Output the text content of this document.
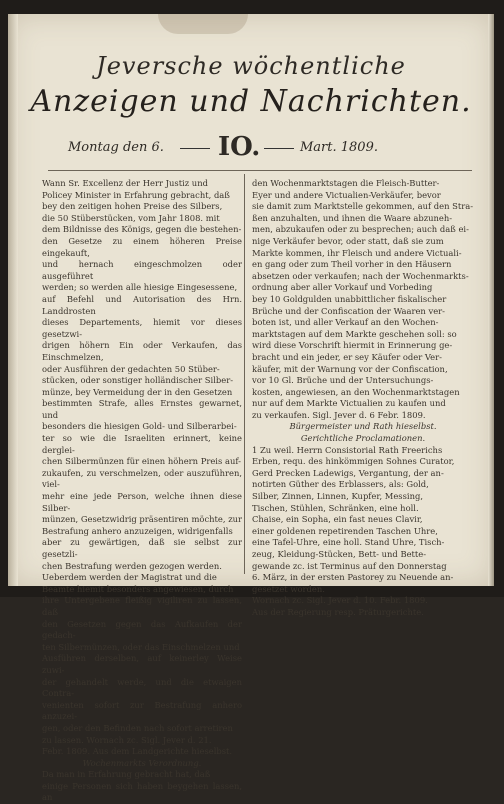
Jeversche wöchentliche
Anzeigen und Nachrichten.
Montag den 6. IO.	Mart. 1809.

Wann Sr. Excellenz der Herr Justiz und

Policey Minister in Erfahrung gebracht, daß

bey den zeitigen hohen Preise des Silbers,

die 50 Stüberstücken, vom Jahr 1808. mit

dem Bildnisse des Königs, gegen die bestehen-

den Gesetze zu einem höheren Preise eingekauft,

und hernach eingeschmolzen oder ausgeführet

werden; so werden alle hiesige Eingesessene,

auf Befehl und Autorisation des Hrn. Landdrosten

dieses Departements, hiemit vor dieses gesetzwi-

drigen höhern Ein oder Verkaufen, das Einschmelzen,

oder Ausführen der gedachten 50 Stüber-

stücken, oder sonstiger holländischer Silber-

münze, bey Vermeidung der in den Gesetzen

bestimmten Strafe, alles Ernstes gewarnet, und

besonders die hiesigen Gold- und Silberarbei-

ter so wie die Israeliten erinnert, keine derglei-

chen Silbermünzen für einen höhern Preis auf-

zukaufen, zu verschmelzen, oder auszuführen, viel-

mehr eine jede Person, welche ihnen diese Silber-

münzen, Gesetzwidrig präsentiren möchte, zur

Bestrafung anhero anzuzeigen, widrigenfalls

aber zu gewärtigen, daß sie selbst zur gesetzli-

chen Bestrafung werden gezogen werden.

Ueberdem werden der Magistrat und die

Beamte hiemit besonders angewiesen, durch

ihre Untergebene fleißig vigiliren zu lassen, daß

den Gesetzen gegen das Aufkaufen der gedach-

ten Silbermünzen, oder das Einschmelzen und

Ausführen derselben, auf keinerley Weise zuwi-

der gehandelt werde, und die etwaigen Contra-

venienten sofort zur Bestrafung anhero anzuzei-

gen, oder den Befinden nach sofort arretiren

zu lassen. Wornach zc. Sigl. Jever d. 21.

Febr. 1809. Aus dem Landgerichte hieselbst.

Wochenmarkts Verordnung.

Da man in Erfahrung gebracht hat, daß

einige Personen sich haben beygehen lassen, an

den Wochenmarktstagen die Fleisch-Butter-

Eyer und andere Victualien-Verkäufer, bevor

sie damit zum Marktstelle gekommen, auf den Stra-

ßen anzuhalten, und ihnen die Waare abzuneh-

men, abzukaufen oder zu besprechen; auch daß ei-

nige Verkäufer bevor, oder statt, daß sie zum

Markte kommen, ihr Fleisch und andere Victuali-

en gang oder zum Theil vorher in den Häusern

absetzen oder verkaufen; nach der Wochenmarkts-

ordnung aber aller Vorkauf und Vorbeding

bey 10 Goldgulden unabbittlicher fiskalischer

Brüche und der Confiscation der Waaren ver-

boten ist, und aller Verkauf an den Wochen-

marktstagen auf dem Markte geschehen soll: so

wird diese Vorschrift hiermit in Erinnerung ge-

bracht und ein jeder, er sey Käufer oder Ver-

käufer, mit der Warnung vor der Confiscation,

vor 10 Gl. Brüche und der Untersuchungs-

kosten, angewiesen, an den Wochenmarktstagen

nur auf dem Markte Victualien zu kaufen und

zu verkaufen. Sigl. Jever d. 6 Febr. 1809.

Bürgermeister und Rath hieselbst.

Gerichtliche Proclamationen.

1 Zu weil. Herrn Consistorial Rath Freerichs

Erben, requ. des hinkömmigen Sohnes Curator,

Gerd Precken Ladewigs, Vergantung, der an-

notirten Güther des Erblassers, als: Gold,

Silber, Zinnen, Linnen, Kupfer, Messing,

Tischen, Stühlen, Schränken, eine holl.

Chaise, ein Sopha, ein fast neues Clavir,

einer goldenen repetirenden Taschen Uhre,

eine Tafel-Uhre, eine holl. Stand Uhre, Tisch-

zeug, Kleidung-Stücken, Bett- und Bette-

gewande zc. ist Terminus auf den Donnerstag

6. März, in der ersten Pastorey zu Neuende an-

gesetzet worden.

Wornach zc. Sigl. Jever d. 10. Febr. 1809.

Aus der Regierung resp. Präturgerichte.
